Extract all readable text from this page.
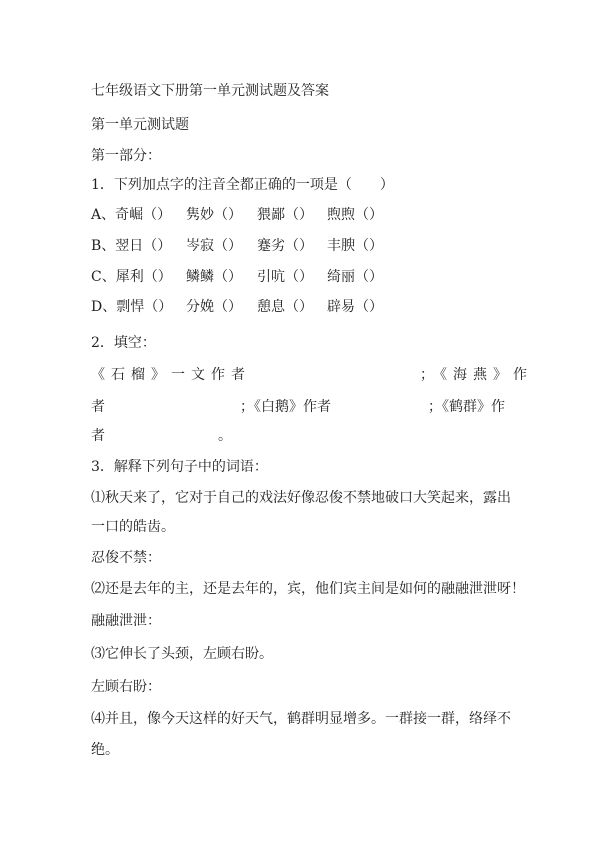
七年级语文下册第一单元测试题及答案
第一单元测试题
第一部分：
1．下列加点字的注音全都正确的一项是（　　）
A、奇崛（） 隽妙（） 猥鄙（） 煦煦（）
B、翌日（） 岑寂（） 蹇劣（） 丰腴（）
C、犀利（） 鳞鳞（） 引吭（） 绮丽（）
D、剽悍（） 分娩（） 憩息（） 辟易（）
2．填空：
《石榴》一文作者	；《海燕》作
者	；《白鹅》作者	；《鹤群》作
者	。
3．解释下列句子中的词语：
⑴秋天来了，它对于自己的戏法好像忍俊不禁地破口大笑起来，露出
一口的皓齿。
忍俊不禁：
⑵还是去年的主，还是去年的，宾，他们宾主间是如何的融融泄泄呀！
融融泄泄：
⑶它伸长了头颈，左顾右盼。
左顾右盼：
⑷并且，像今天这样的好天气，鹤群明显增多。一群接一群，络绎不
绝。
